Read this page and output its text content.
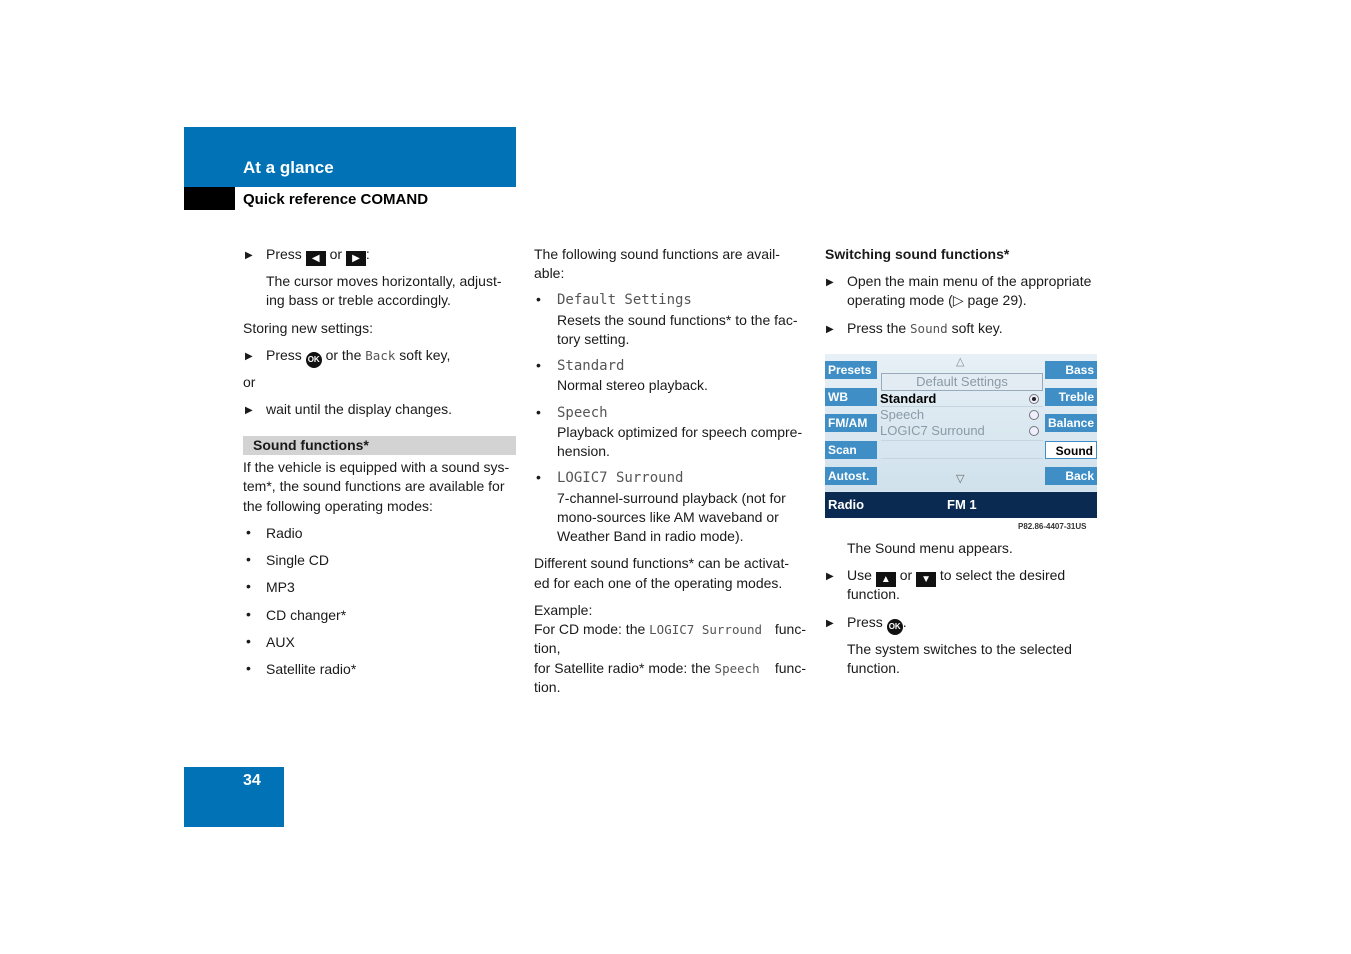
At a glance
Quick reference COMAND
▶ Press ◀ or ▶ :
The cursor moves horizontally, adjust-
ing bass or treble accordingly.
Storing new settings:
▶ Press OK or the Back soft key,
or
▶ wait until the display changes.
Sound functions*
If the vehicle is equipped with a sound sys-
tem*, the sound functions are available for
the following operating modes:
• Radio
• Single CD
• MP3
• CD changer*
• AUX
• Satellite radio*
The following sound functions are avail-
able:
• Default Settings
Resets the sound functions* to the fac-
tory setting.
• Standard
Normal stereo playback.
• Speech
Playback optimized for speech compre-
hension.
• LOGIC7 Surround
7-channel-surround playback (not for
mono-sources like AM waveband or
Weather Band in radio mode).
Different sound functions* can be activat-
ed for each one of the operating modes.
Example:
For CD mode: the LOGIC7 Surround func-
tion,
for Satellite radio* mode: the Speech func-
tion.
Switching sound functions*
▶ Open the main menu of the appropriate
operating mode (▷ page 29).
▶ Press the Sound soft key.
Presets
WB
FM/AM
Scan
Autost.
Bass
Treble
Balance
Sound
Back
△
Default Settings
Standard
Speech
LOGIC7 Surround
▽
Radio	FM 1
P82.86-4407-31US
The Sound menu appears.
▶ Use ▲ or ▼ to select the desired
function.
▶ Press OK .
The system switches to the selected
function.
34
